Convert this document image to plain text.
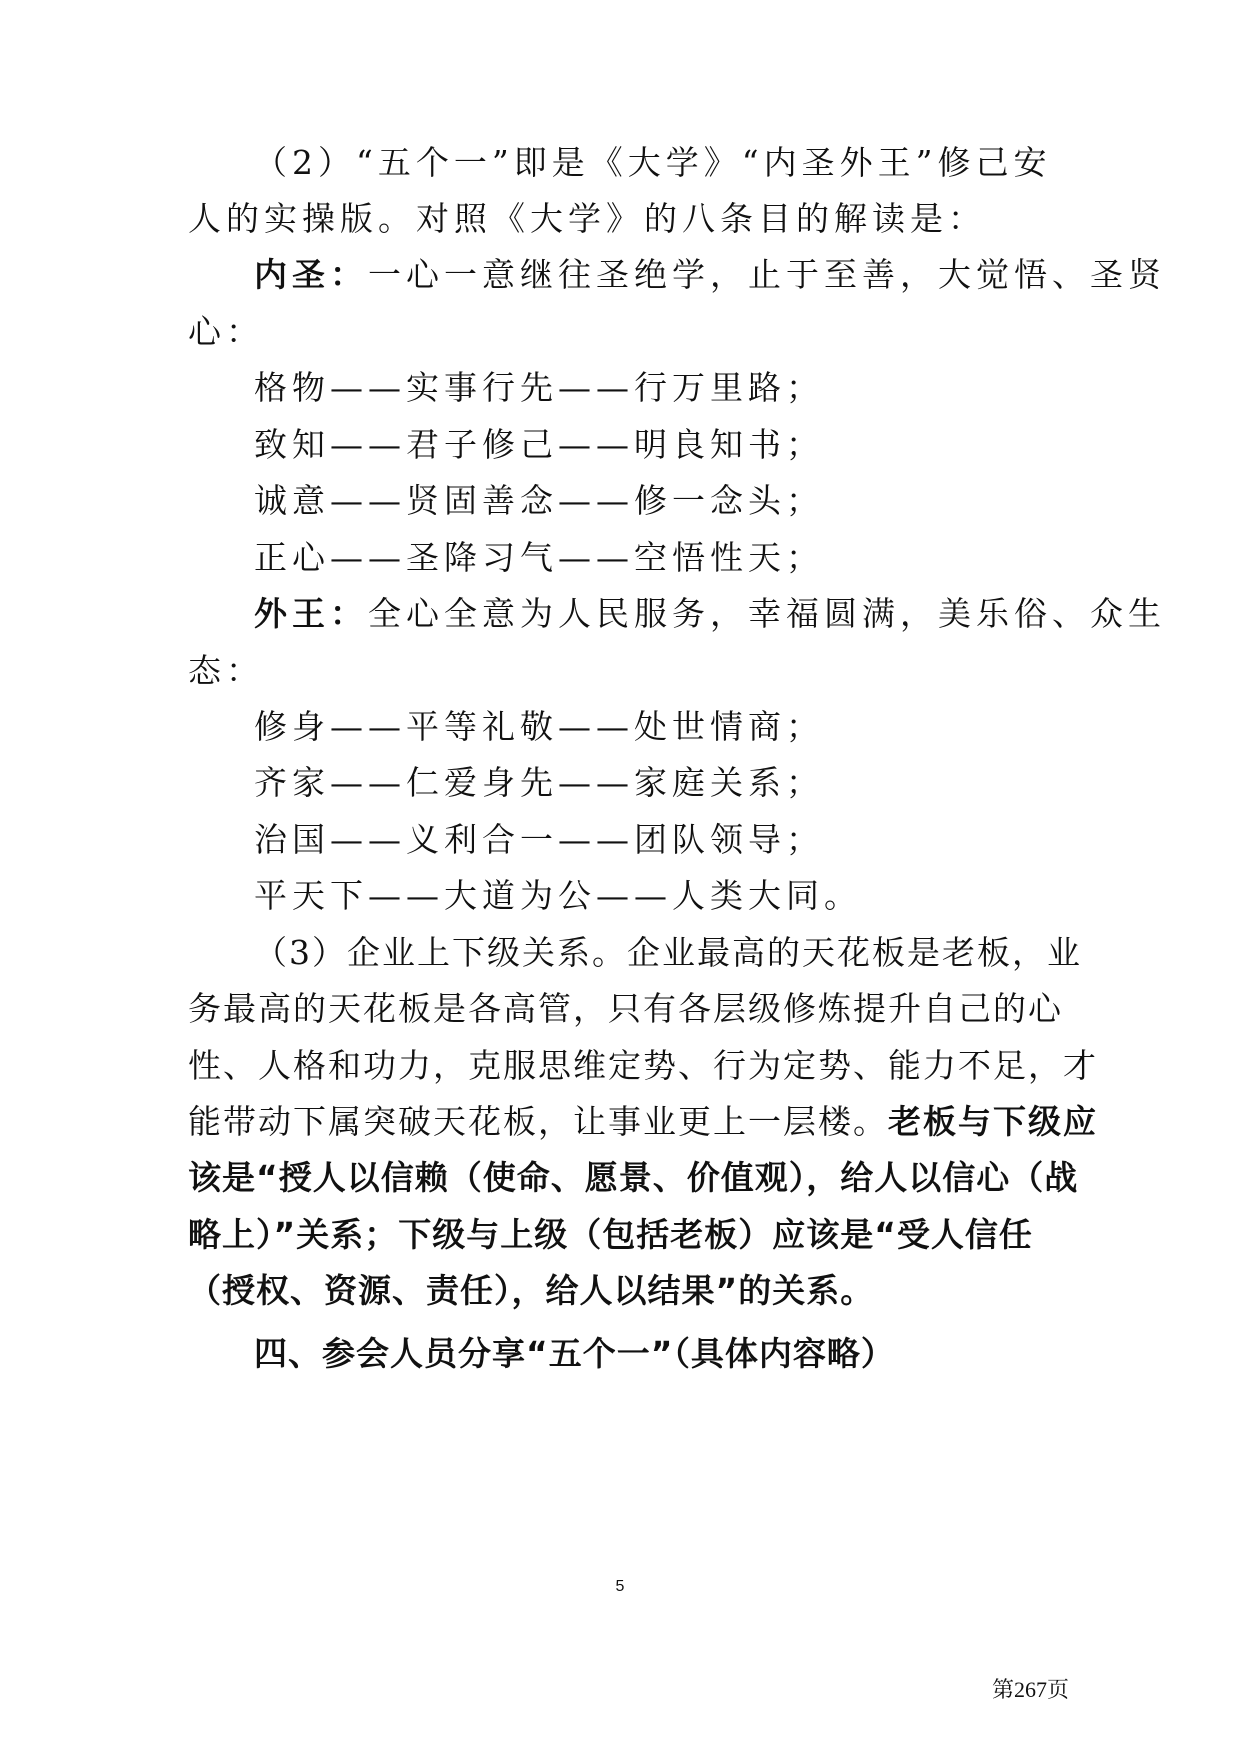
（2）“五个一”即是《大学》“内圣外王”修己安
人的实操版。对照《大学》的八条目的解读是：
内圣：一心一意继往圣绝学，止于至善，大觉悟、圣贤
心：
格物——实事行先——行万里路；
致知——君子修己——明良知书；
诚意——贤固善念——修一念头；
正心——圣降习气——空悟性天；
外王：全心全意为人民服务，幸福圆满，美乐俗、众生
态：
修身——平等礼敬——处世情商；
齐家——仁爱身先——家庭关系；
治国——义利合一——团队领导；
平天下——大道为公——人类大同。
（3）企业上下级关系。企业最高的天花板是老板，业
务最高的天花板是各高管，只有各层级修炼提升自己的心
性、人格和功力，克服思维定势、行为定势、能力不足，才
能带动下属突破天花板，让事业更上一层楼。老板与下级应
该是“授人以信赖（使命、愿景、价值观），给人以信心（战
略上）”关系；下级与上级（包括老板）应该是“受人信任
（授权、资源、责任），给人以结果”的关系。
四、参会人员分享“五个一”（具体内容略）
5
第267页
